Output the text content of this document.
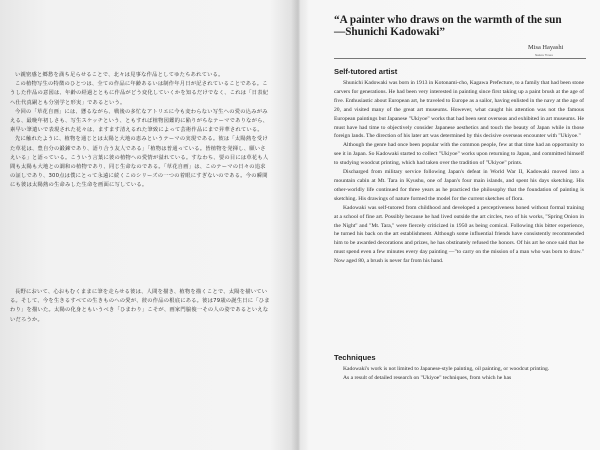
い親密感と郷愁を満ち足らせることで、北々は見事な作品としてゆたちあれている。
この植物写生の特徴のひとつは、全ての作品に年齢あるいは制作年月日が記されていることである。こうした作品の意図は、年齢の経過とともに作品がどう変化していくかを知るだけでなく、これは「日表紀へ仕代真嗣とも分別学と形実」であるという。
今回の「草花自画」には、懸るながら、戦後の多忙なアトリエに今も変わらない写生への愛の込みがみえる、最晩年初しさも、写生スケッチという、ともすれば植物図鑑的に陥りがちなテーマでありながら、素早い筆遣いで表現された花々は、ますます清えるれた筆致によって芸術作品にまで昇華されている。
先に触れたように、植物を通じとは太陽と大地の恵みというテーマの実現である。彼は「太陽熱を受けた草花は、豊自分の鍛錬であり、語り合う友人である」「植物は普通っている。皆植物を発揮し、願いさえいる」と語っている。こういう言葉に彼の植物への愛情が溢れている。すなわち、要の目には草花も人間も太陽も大地との調和の植物であり、同じ生命なのである。「草花自画」は、このテーマの日々の追求の証しであり、300点は僕にとって永遠に続くこのシリーズの一つの着眼にすぎないのである。今の瞬間にも彼は太陽熱の生命みした生命を画面に写している。
長野において、心おもむくままに筆を走らせる彼は、人間を描き、植物を描くことで、太陽を描いている。そして、今を生きるすべての生きものへの愛が、彼の作品の根底にある。彼は79歳の誕生日に「ひまわり」を描いた。太陽の化身ともいうべき「ひまわり」こそが、画家門脇俊一その人の姿であるといえないだろうか。
“A painter who draws on the warmth of the sun
—Shunichi Kadowaki”
Misa Hayashi
Nature Times
Self-tutored artist

Shunichi Kadowaki was born in 1913 in Kotonami-cho, Kagawa Prefecture, to a family that had been stone carvers for generations. He had been very interested in painting since first taking up a paint brush at the age of five. Enthusiastic about European art, he traveled to Europe as a sailor, having enlisted in the navy at the age of 20, and visited many of the great art museums. However, what caught his attention was not the famous European paintings but Japanese "Ukiyoe" works that had been sent overseas and exhibited in art museums. He must have had time to objectively consider Japanese aesthetics and touch the beauty of Japan while in those foreign lands. The direction of his later art was determined by this decisive overseas encounter with "Ukiyoe."

Although the genre had once been popular with the common people, few at that time had an opportunity to see it in Japan. So Kadowaki started to collect "Ukiyoe" works upon returning to Japan, and committed himself to studying woodcut printing, which had taken over the tradition of "Ukiyoe" prints.

Discharged from military service following Japan's defeat in World War II, Kadowaki moved into a mountain cabin at Mt. Tara in Kyushu, one of Japan's four main islands, and spent his days sketching. His other-worldly life continued for three years as he practiced the philosophy that the foundation of painting is sketching. His drawings of nature formed the model for the current sketches of flora.

Kadowaki was self-tutored from childhood and developed a perceptiveness honed without formal training at a school of fine art. Possibly because he had lived outside the art circles, two of his works, "Spring Onion in the Night" and "Mt. Tara," were fiercely criticized in 1950 as being comical. Following this bitter experience, he turned his back on the art establishment. Although some influential friends have consistently recommended him to be awarded decorations and prizes, he has obstinately refused the honors. Of his art he once said that he must spend even a few minutes every day painting —"to carry on the mission of a man who was born to draw." Now aged 80, a brush is never far from his hand.

Techniques

Kadowaki's work is not limited to Japanese-style painting, oil painting, or woodcut printing.

As a result of detailed research on "Ukiyoe" techniques, from which he has
